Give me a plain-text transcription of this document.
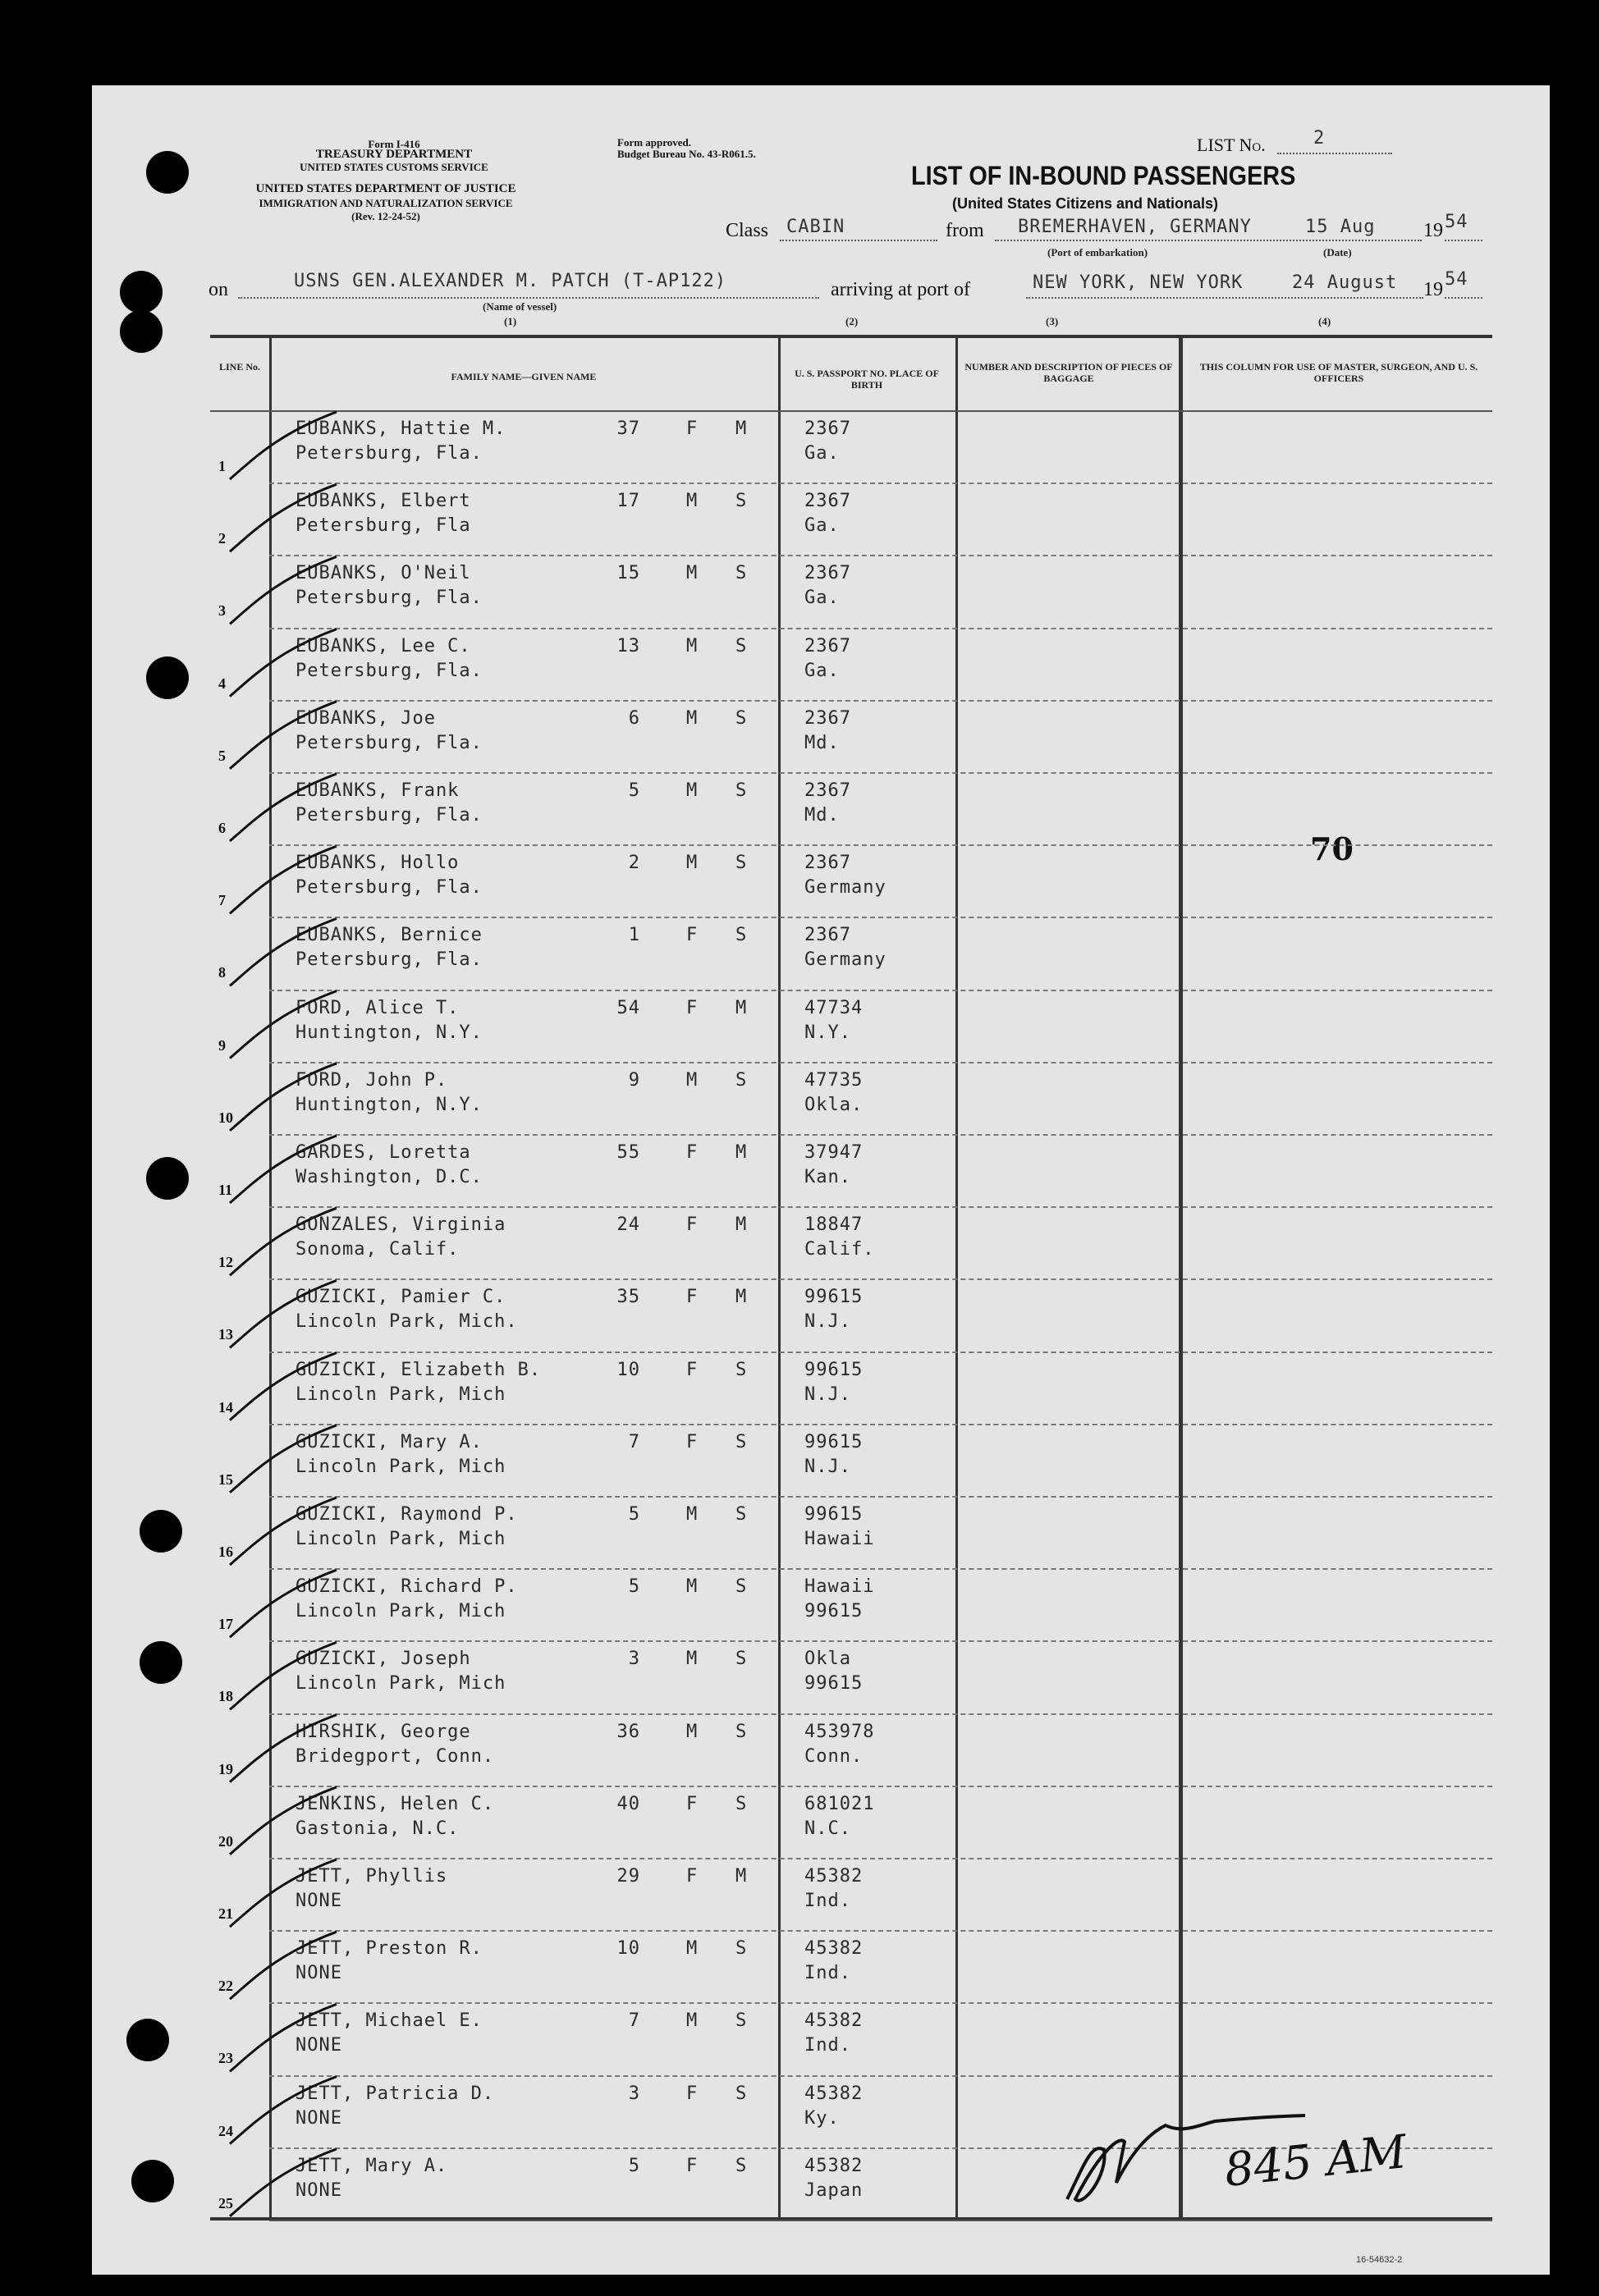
Form I-416
TREASURY DEPARTMENT
UNITED STATES CUSTOMS SERVICE
UNITED STATES DEPARTMENT OF JUSTICE
IMMIGRATION AND NATURALIZATION SERVICE
(Rev. 12-24-52)
Form approved.
Budget Bureau No. 43-R061.5.	LIST No.	2
LIST OF IN-BOUND PASSENGERS
(United States Citizens and Nationals)
Class CABIN	from BREMERHAVEN, GERMANY	15 Aug 19 54
(Port of embarkation)	(Date)
on	USNS GEN.ALEXANDER M. PATCH (T-AP122)	arriving at port of	NEW YORK, NEW YORK	24 August 19 54
(Name of vessel)
(1)	(2)	(3)	(4)
LINE No.
FAMILY NAME—GIVEN NAME	U. S. PASSPORT NO. PLACE OF BIRTH
NUMBER AND DESCRIPTION OF PIECES OF BAGGAGE
THIS COLUMN FOR USE OF MASTER, SURGEON, AND U. S. OFFICERS
70
1
EUBANKS, Hattie M.
Petersburg, Fla.
37	F M	2367
Ga.
2
EUBANKS, Elbert
Petersburg, Fla
17	M S	2367
Ga.
3
EUBANKS, O'Neil
Petersburg, Fla.
15	M S	2367
Ga.
4
EUBANKS, Lee C.
Petersburg, Fla.
13	M S	2367
Ga.
5
EUBANKS, Joe
Petersburg, Fla.
6	M S	2367
Md.
6
EUBANKS, Frank
Petersburg, Fla.
5	M S	2367
Md.
7
EUBANKS, Hollo
Petersburg, Fla.
2	M S	2367
Germany
8
EUBANKS, Bernice
Petersburg, Fla.
1	F S	2367
Germany
9
FORD, Alice T.
Huntington, N.Y.
54	F M	47734
N.Y.
10
FORD, John P.
Huntington, N.Y.
9	M S	47735
Okla.
11
GARDES, Loretta
Washington, D.C.
55	F M	37947
Kan.
12
GONZALES, Virginia
Sonoma, Calif.
24	F M	18847
Calif.
13
GUZICKI, Pamier C.
Lincoln Park, Mich.
35	F M	99615
N.J.
14
GUZICKI, Elizabeth B.
Lincoln Park, Mich
10	F S	99615
N.J.
15
GUZICKI, Mary A.
Lincoln Park, Mich
7	F S	99615
N.J.
16
GUZICKI, Raymond P.
Lincoln Park, Mich
5	M S	99615
Hawaii
17
GUZICKI, Richard P.
Lincoln Park, Mich
5	M S	Hawaii
99615
18
GUZICKI, Joseph
Lincoln Park, Mich
3	M S	Okla
99615
19
HIRSHIK, George
Bridegport, Conn.
36	M S	453978
Conn.
20
JENKINS, Helen C.
Gastonia, N.C.
40	F S	681021
N.C.
21
JETT, Phyllis
NONE
29	F M	45382
Ind.
22
JETT, Preston R.
NONE
10	M S	45382
Ind.
23
JETT, Michael E.
NONE
7	M S	45382
Ind.
24
JETT, Patricia D.
NONE
3	F S	45382
Ky.
25
JETT, Mary A.
NONE
5	F S	45382
Japan
16-54632-2
845 AM
